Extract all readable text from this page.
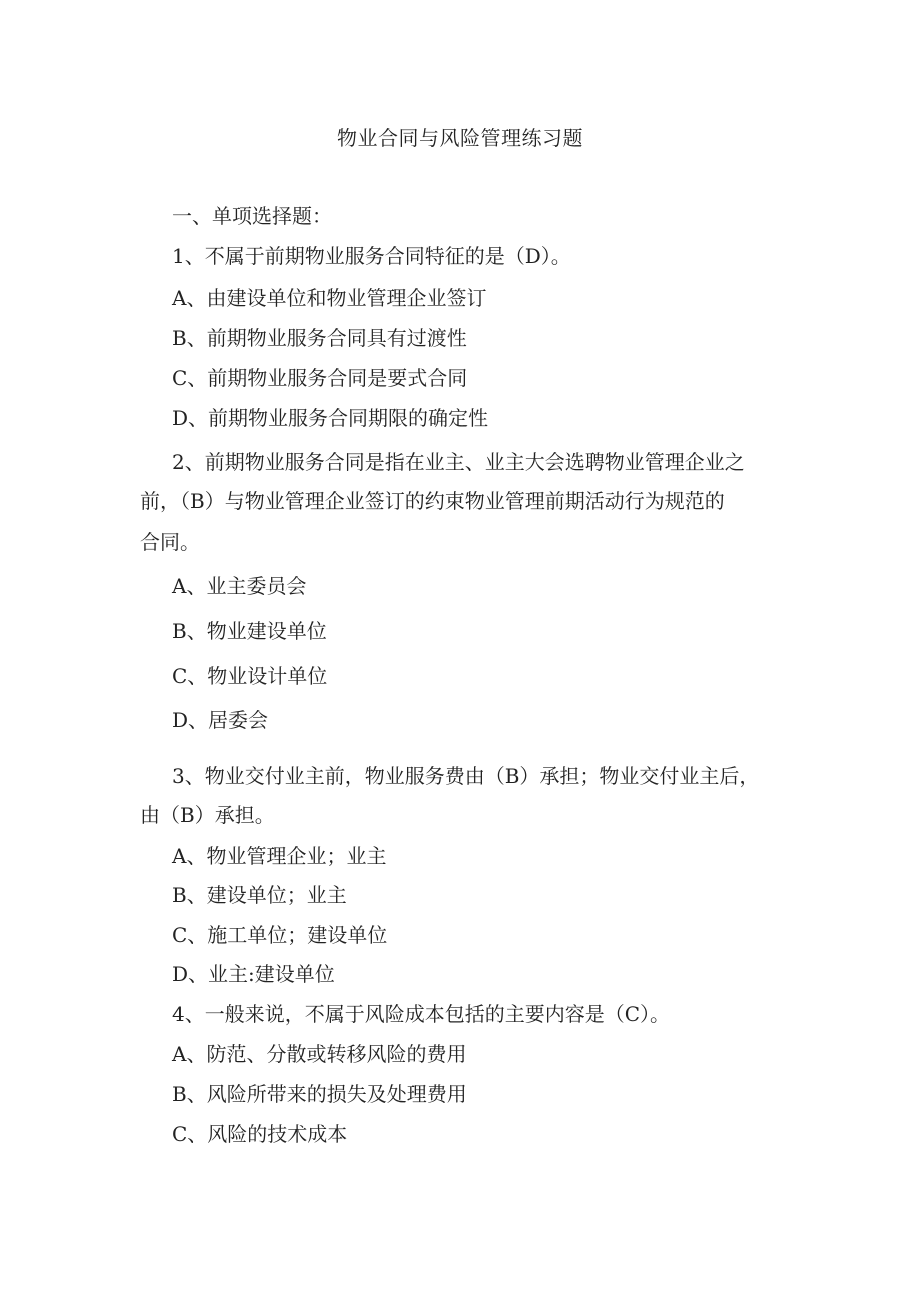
物业合同与风险管理练习题
一、单项选择题：
1、不属于前期物业服务合同特征的是（D）。
A、由建设单位和物业管理企业签订
B、前期物业服务合同具有过渡性
C、前期物业服务合同是要式合同
D、前期物业服务合同期限的确定性
2、前期物业服务合同是指在业主、业主大会选聘物业管理企业之
前，（B）与物业管理企业签订的约束物业管理前期活动行为规范的
合同。
A、业主委员会
B、物业建设单位
C、物业设计单位
D、居委会
3、物业交付业主前，物业服务费由（B）承担；物业交付业主后，
由（B）承担。
A、物业管理企业；业主
B、建设单位；业主
C、施工单位；建设单位
D、业主:建设单位
4、一般来说，不属于风险成本包括的主要内容是（C）。
A、防范、分散或转移风险的费用
B、风险所带来的损失及处理费用
C、风险的技术成本
